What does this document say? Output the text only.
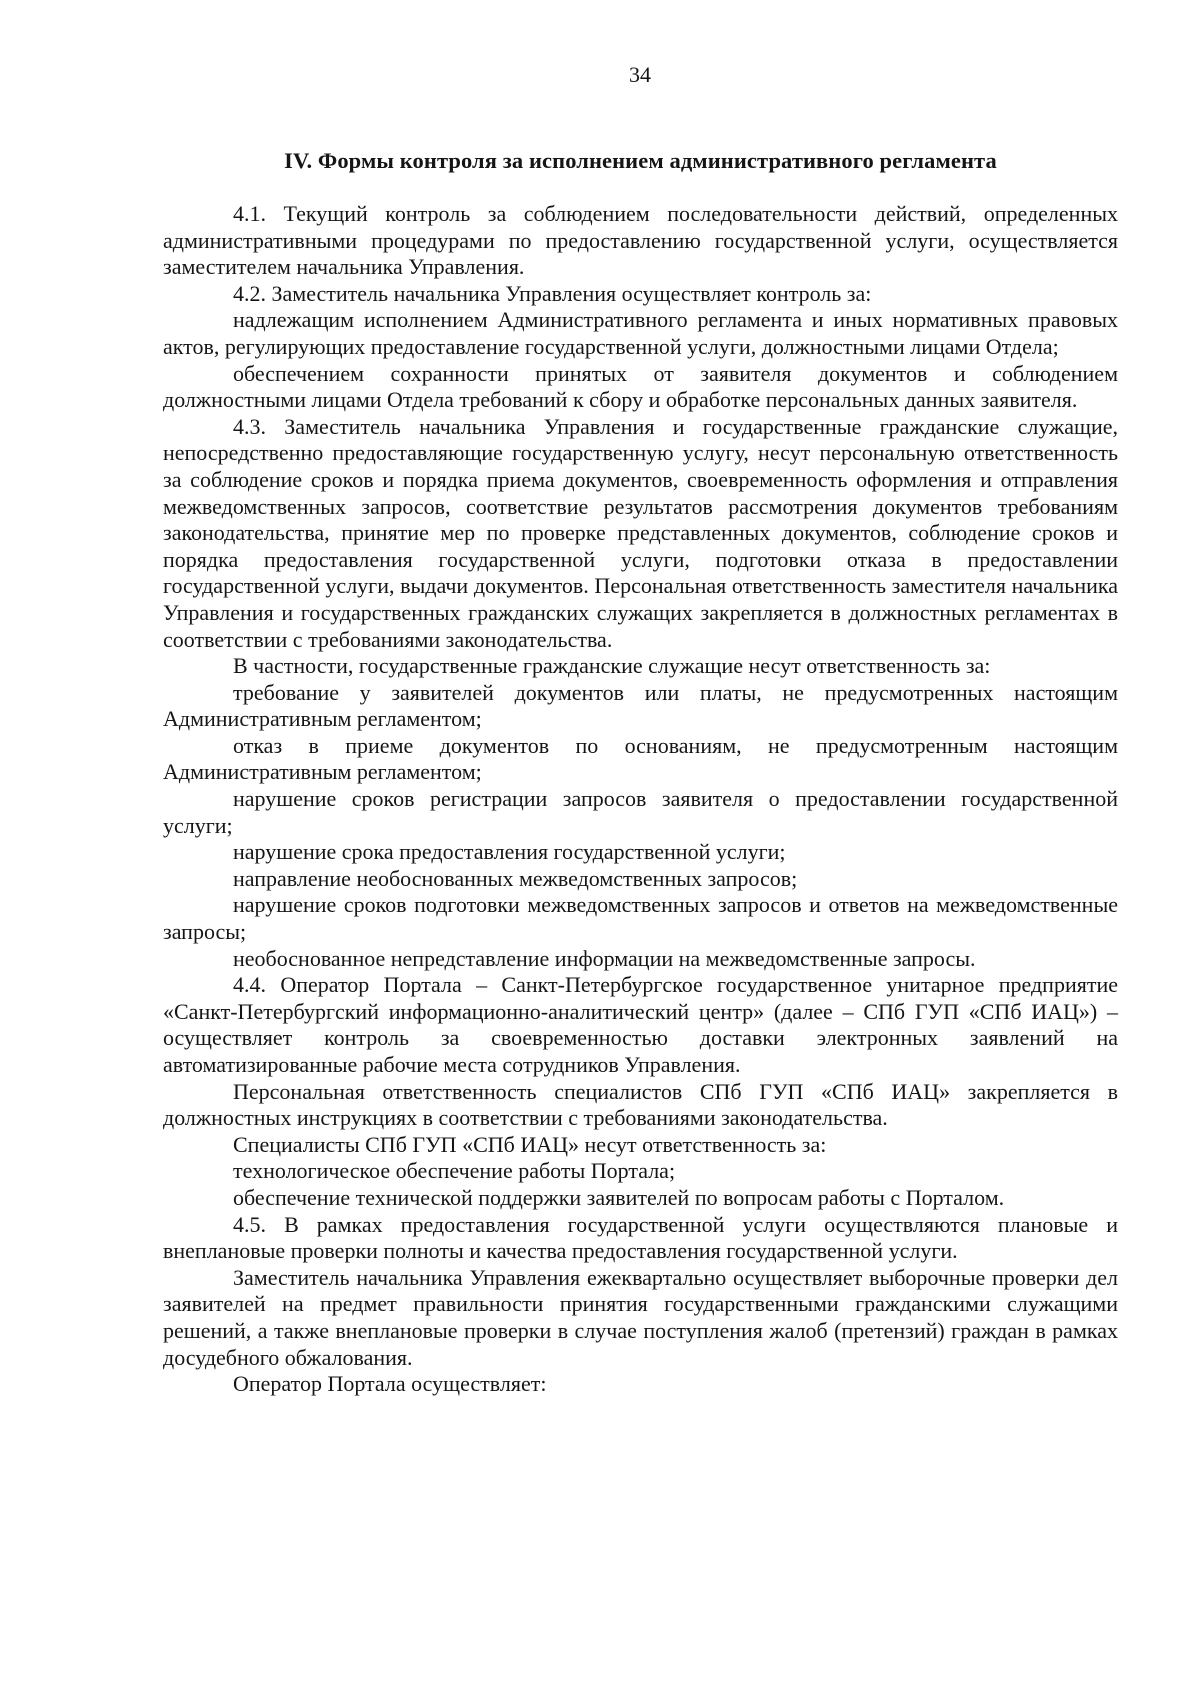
34
IV. Формы контроля за исполнением административного регламента

4.1. Текущий контроль за соблюдением последовательности действий, определенных административными процедурами по предоставлению государственной услуги, осуществляется заместителем начальника Управления.

4.2. Заместитель начальника Управления осуществляет контроль за:

надлежащим исполнением Административного регламента и иных нормативных правовых актов, регулирующих предоставление государственной услуги, должностными лицами Отдела;

обеспечением сохранности принятых от заявителя документов и соблюдением должностными лицами Отдела требований к сбору и обработке персональных данных заявителя.

4.3. Заместитель начальника Управления и государственные гражданские служащие, непосредственно предоставляющие государственную услугу, несут персональную ответственность за соблюдение сроков и порядка приема документов, своевременность оформления и отправления межведомственных запросов, соответствие результатов рассмотрения документов требованиям законодательства, принятие мер по проверке представленных документов, соблюдение сроков и порядка предоставления государственной услуги, подготовки отказа в предоставлении государственной услуги, выдачи документов. Персональная ответственность заместителя начальника Управления и государственных гражданских служащих закрепляется в должностных регламентах в соответствии с требованиями законодательства.

В частности, государственные гражданские служащие несут ответственность за:

требование у заявителей документов или платы, не предусмотренных настоящим Административным регламентом;

отказ в приеме документов по основаниям, не предусмотренным настоящим Административным регламентом;

нарушение сроков регистрации запросов заявителя о предоставлении государственной услуги;

нарушение срока предоставления государственной услуги;

направление необоснованных межведомственных запросов;

нарушение сроков подготовки межведомственных запросов и ответов на межведомственные запросы;

необоснованное непредставление информации на межведомственные запросы.

4.4. Оператор Портала – Санкт-Петербургское государственное унитарное предприятие «Санкт-Петербургский информационно-аналитический центр» (далее – СПб ГУП «СПб ИАЦ») – осуществляет контроль за своевременностью доставки электронных заявлений на автоматизированные рабочие места сотрудников Управления.

Персональная ответственность специалистов СПб ГУП «СПб ИАЦ» закрепляется в должностных инструкциях в соответствии с требованиями законодательства.

Специалисты СПб ГУП «СПб ИАЦ» несут ответственность за:

технологическое обеспечение работы Портала;

обеспечение технической поддержки заявителей по вопросам работы с Порталом.

4.5. В рамках предоставления государственной услуги осуществляются плановые и внеплановые проверки полноты и качества предоставления государственной услуги.

Заместитель начальника Управления ежеквартально осуществляет выборочные проверки дел заявителей на предмет правильности принятия государственными гражданскими служащими решений, а также внеплановые проверки в случае поступления жалоб (претензий) граждан в рамках досудебного обжалования.

Оператор Портала осуществляет:
